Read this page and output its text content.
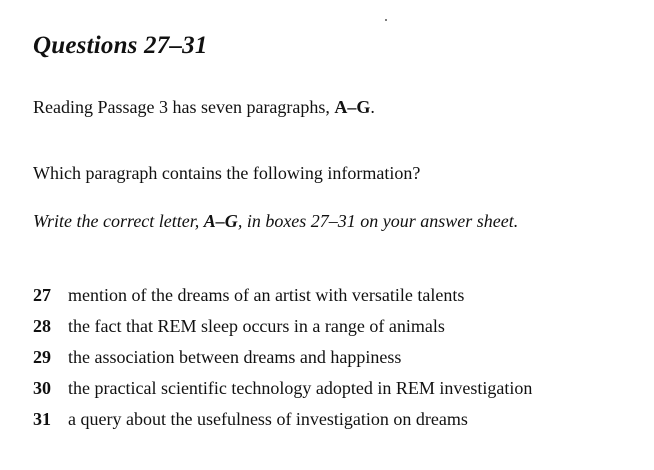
Questions 27–31
Reading Passage 3 has seven paragraphs, A–G.
Which paragraph contains the following information?
Write the correct letter, A–G, in boxes 27–31 on your answer sheet.
27 mention of the dreams of an artist with versatile talents
28 the fact that REM sleep occurs in a range of animals
29 the association between dreams and happiness
30 the practical scientific technology adopted in REM investigation
31 a query about the usefulness of investigation on dreams
